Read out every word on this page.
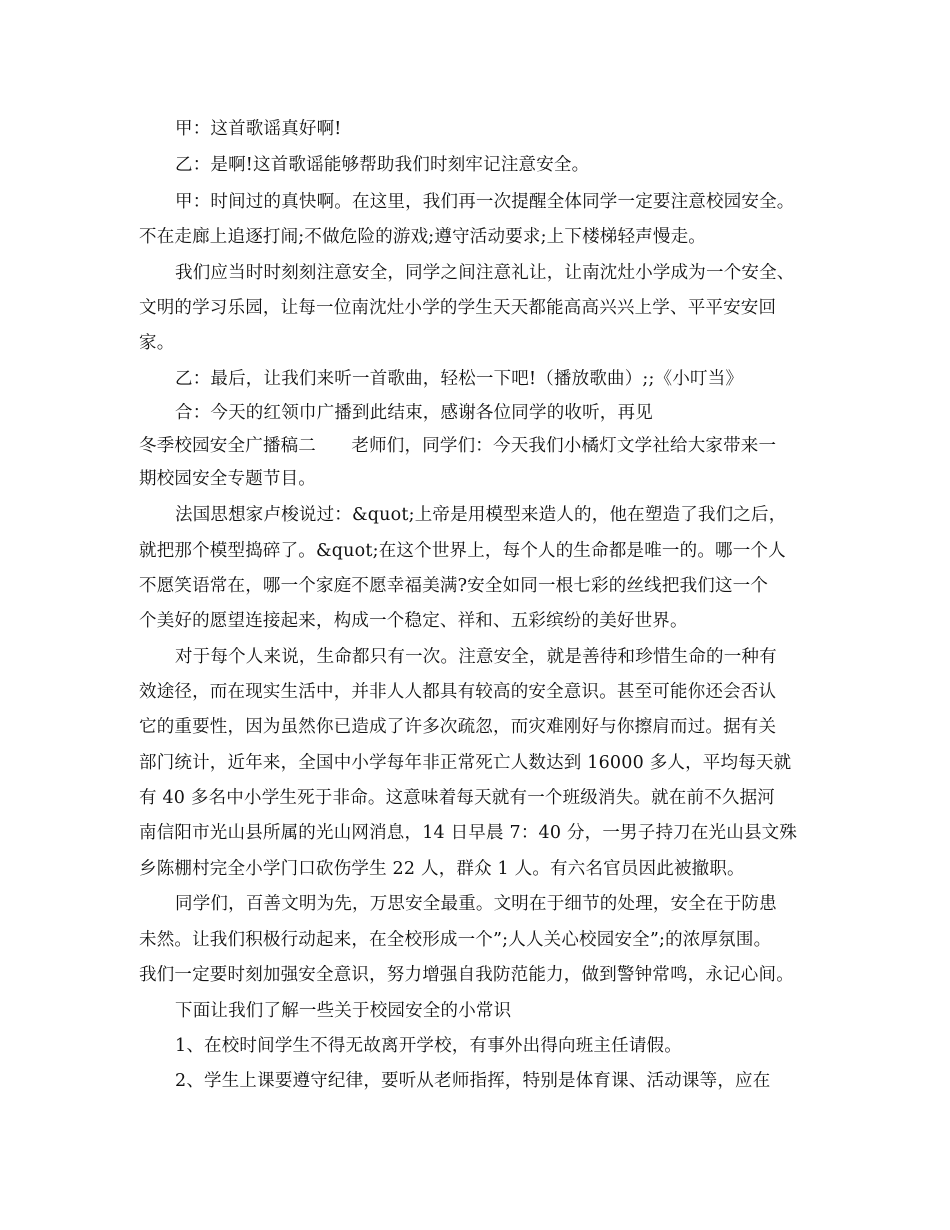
甲：这首歌谣真好啊!
乙：是啊!这首歌谣能够帮助我们时刻牢记注意安全。
甲：时间过的真快啊。在这里，我们再一次提醒全体同学一定要注意校园安全。
不在走廊上追逐打闹;不做危险的游戏;遵守活动要求;上下楼梯轻声慢走。
我们应当时时刻刻注意安全，同学之间注意礼让，让南沈灶小学成为一个安全、
文明的学习乐园，让每一位南沈灶小学的学生天天都能高高兴兴上学、平平安安回
家。
乙：最后，让我们来听一首歌曲，轻松一下吧!（播放歌曲）;;《小叮当》
合：今天的红领巾广播到此结束，感谢各位同学的收听，再见
冬季校园安全广播稿二　　老师们，同学们：今天我们小橘灯文学社给大家带来一
期校园安全专题节目。
法国思想家卢梭说过：&quot;上帝是用模型来造人的，他在塑造了我们之后，
就把那个模型捣碎了。&quot;在这个世界上，每个人的生命都是唯一的。哪一个人
不愿笑语常在，哪一个家庭不愿幸福美满?安全如同一根七彩的丝线把我们这一个
个美好的愿望连接起来，构成一个稳定、祥和、五彩缤纷的美好世界。
对于每个人来说，生命都只有一次。注意安全，就是善待和珍惜生命的一种有
效途径，而在现实生活中，并非人人都具有较高的安全意识。甚至可能你还会否认
它的重要性，因为虽然你已造成了许多次疏忽，而灾难刚好与你擦肩而过。据有关
部门统计，近年来，全国中小学每年非正常死亡人数达到 16000 多人，平均每天就
有 40 多名中小学生死于非命。这意味着每天就有一个班级消失。就在前不久据河
南信阳市光山县所属的光山网消息，14 日早晨 7：40 分，一男子持刀在光山县文殊
乡陈棚村完全小学门口砍伤学生 22 人，群众 1 人。有六名官员因此被撤职。
同学们，百善文明为先，万思安全最重。文明在于细节的处理，安全在于防患
未然。让我们积极行动起来，在全校形成一个”;人人关心校园安全”;的浓厚氛围。
我们一定要时刻加强安全意识，努力增强自我防范能力，做到警钟常鸣，永记心间。
下面让我们了解一些关于校园安全的小常识
1、在校时间学生不得无故离开学校，有事外出得向班主任请假。
2、学生上课要遵守纪律，要听从老师指挥，特别是体育课、活动课等，应在
